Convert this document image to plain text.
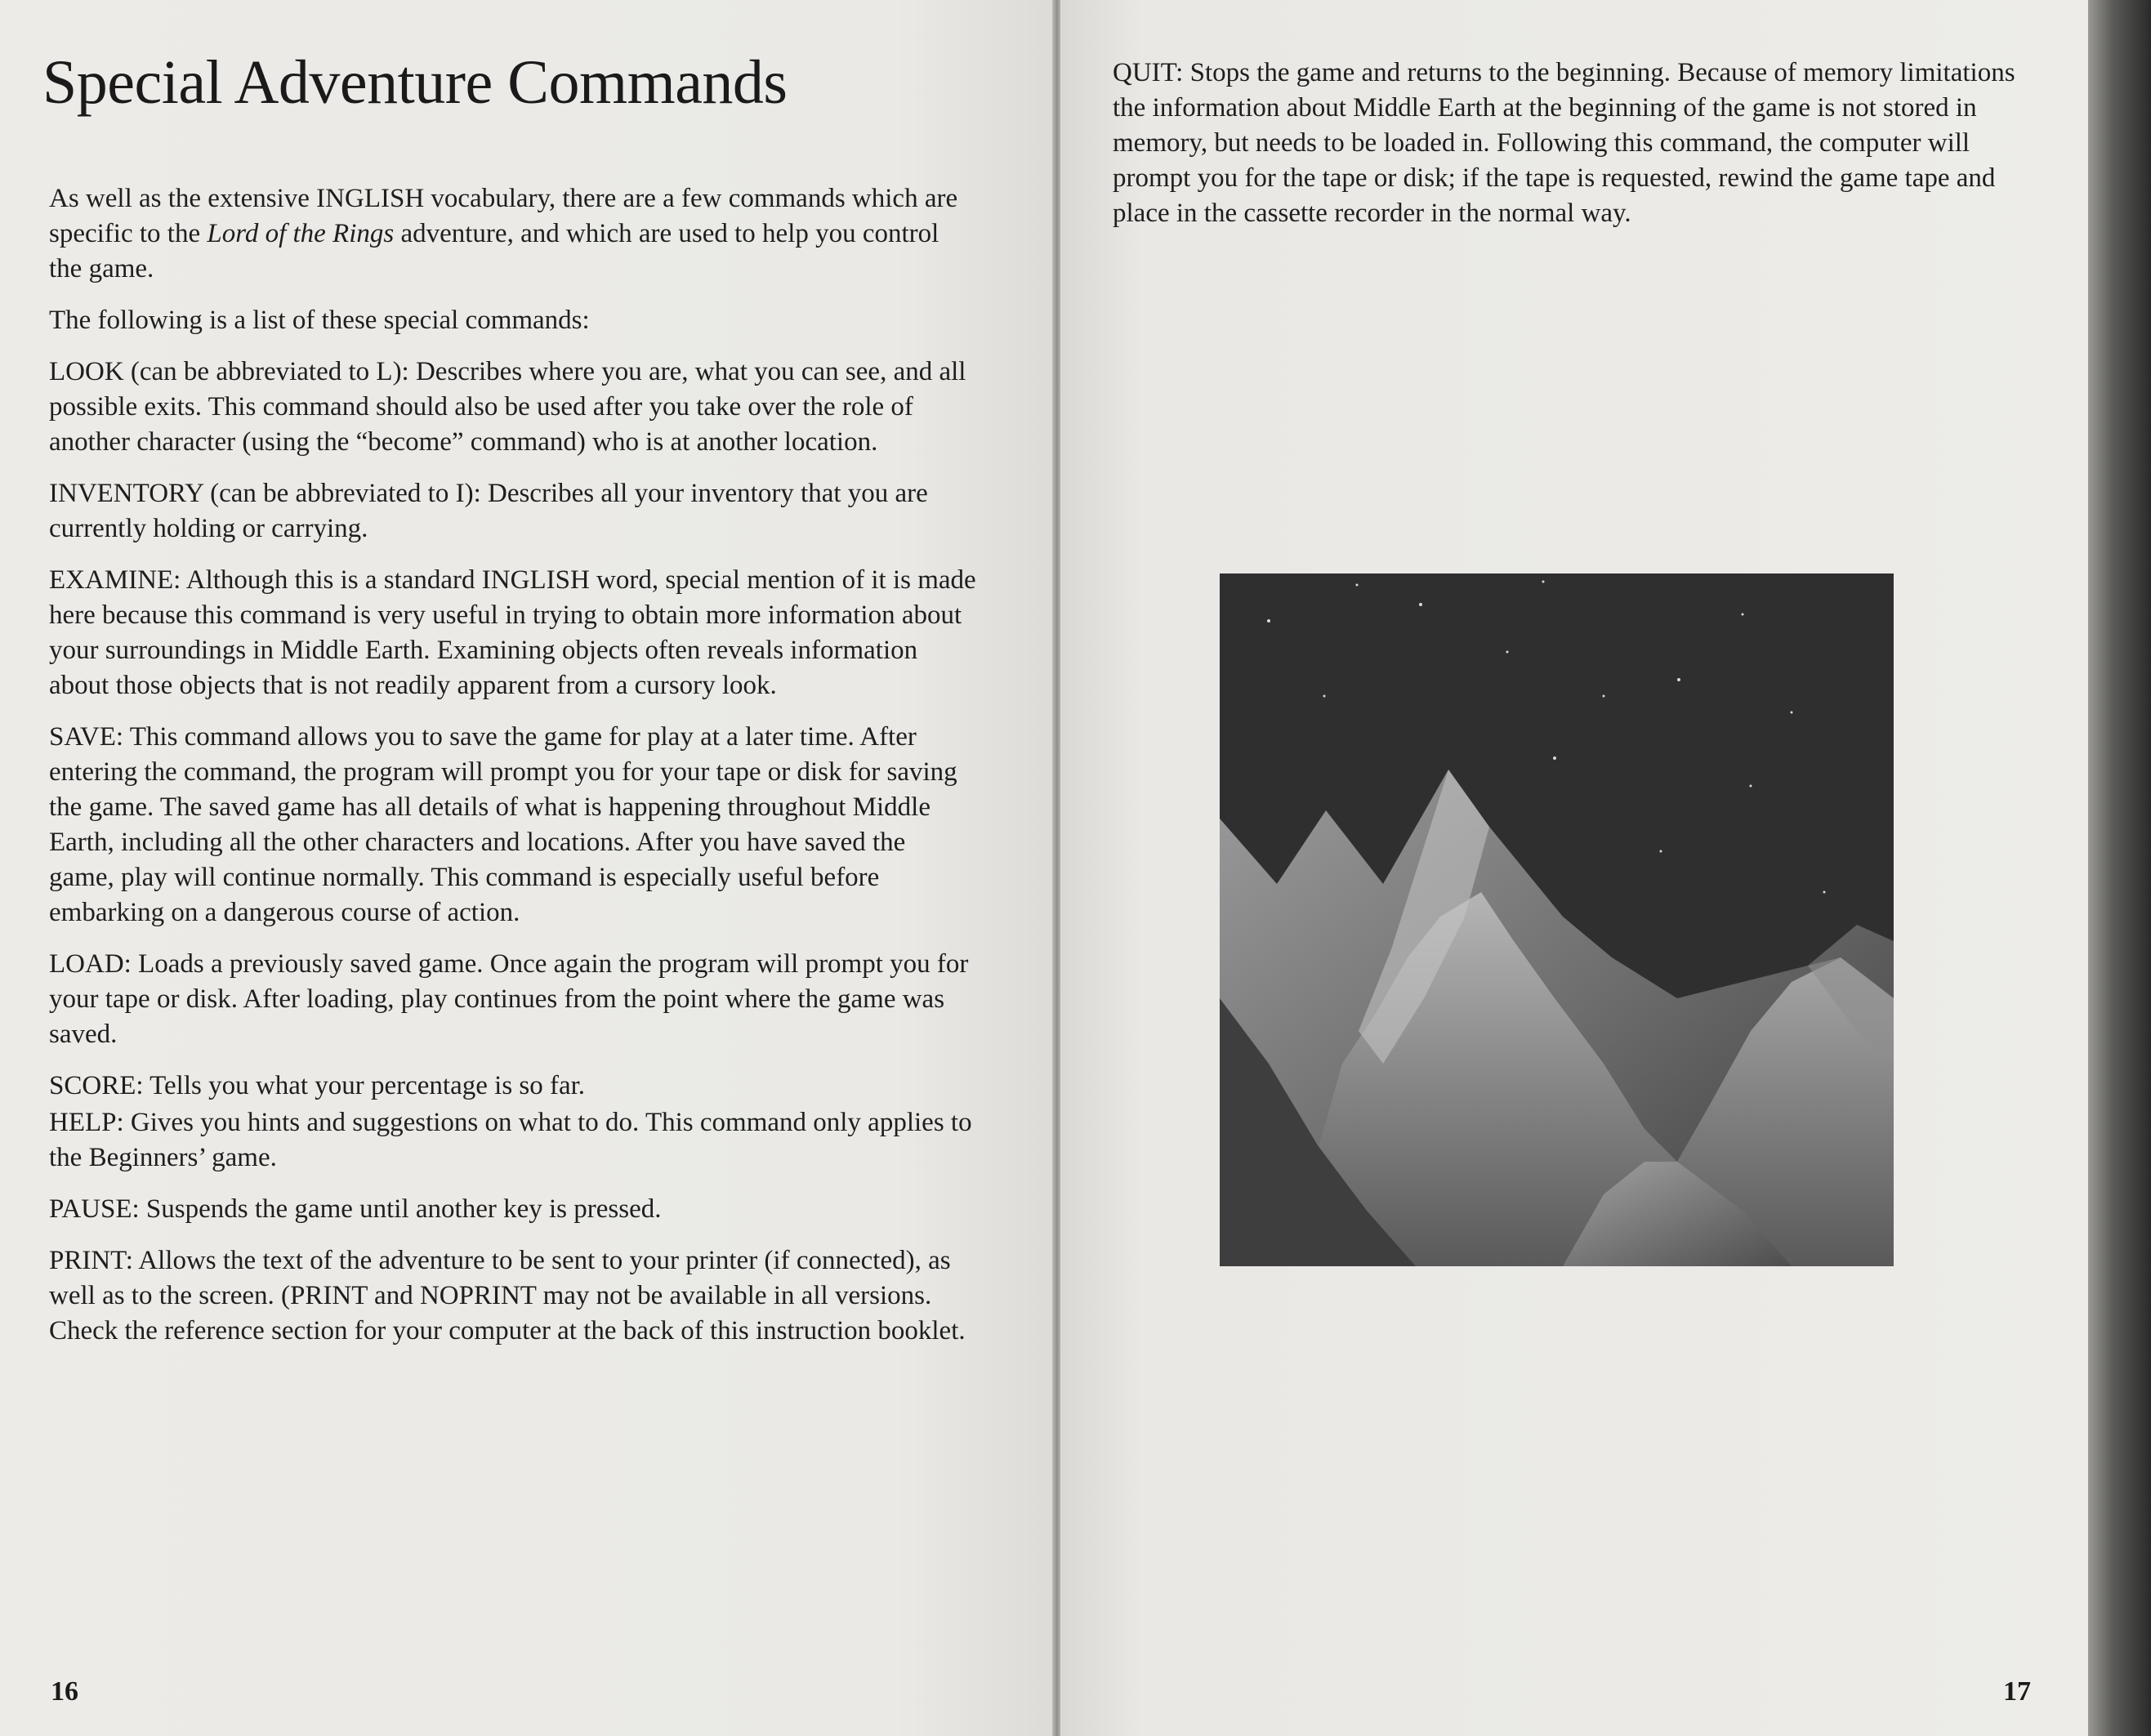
Special Adventure Commands

As well as the extensive INGLISH vocabulary, there are a few commands which are specific to the Lord of the Rings adventure, and which are used to help you control the game.

The following is a list of these special commands:

LOOK (can be abbreviated to L): Describes where you are, what you can see, and all possible exits. This command should also be used after you take over the role of another character (using the “become” command) who is at another location.

INVENTORY (can be abbreviated to I): Describes all your inventory that you are currently holding or carrying.

EXAMINE: Although this is a standard INGLISH word, special mention of it is made here because this command is very useful in trying to obtain more information about your surroundings in Middle Earth. Examining objects often reveals information about those objects that is not readily apparent from a cursory look.

SAVE: This command allows you to save the game for play at a later time. After entering the command, the program will prompt you for your tape or disk for saving the game. The saved game has all details of what is happening throughout Middle Earth, including all the other characters and locations. After you have saved the game, play will continue normally. This command is especially useful before embarking on a dangerous course of action.

LOAD: Loads a previously saved game. Once again the program will prompt you for your tape or disk. After loading, play continues from the point where the game was saved.

SCORE: Tells you what your percentage is so far.

HELP: Gives you hints and suggestions on what to do. This command only applies to the Beginners’ game.

PAUSE: Suspends the game until another key is pressed.

PRINT: Allows the text of the adventure to be sent to your printer (if connected), as well as to the screen. (PRINT and NOPRINT may not be available in all versions. Check the reference section for your computer at the back of this instruction booklet.

16	17

QUIT: Stops the game and returns to the beginning. Because of memory limitations the information about Middle Earth at the beginning of the game is not stored in memory, but needs to be loaded in. Following this command, the computer will prompt you for the tape or disk; if the tape is requested, rewind the game tape and place in the cassette recorder in the normal way.
